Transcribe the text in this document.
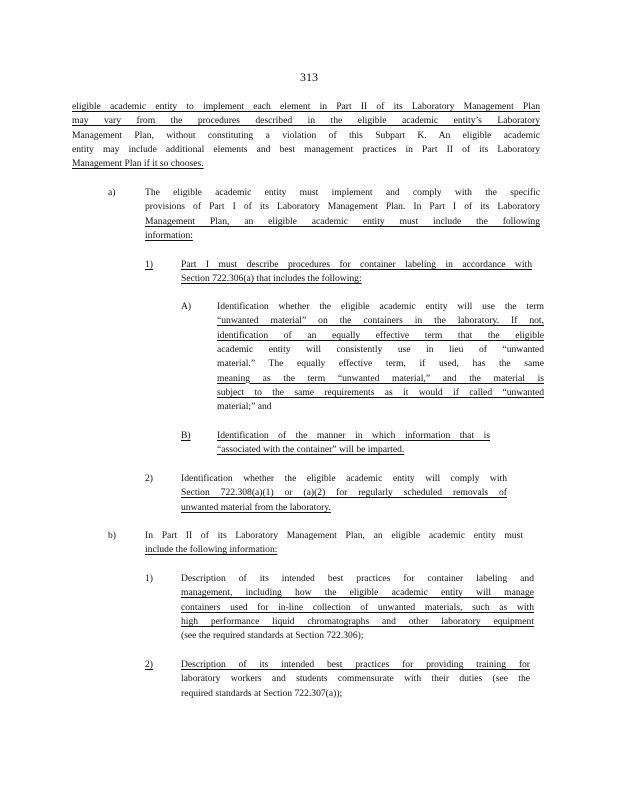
313
eligible academic entity to implement each element in Part II of its Laboratory Management Plan
may vary from the procedures described in the eligible academic entity’s Laboratory
Management Plan, without constituting a violation of this Subpart K. An eligible academic
entity may include additional elements and best management practices in Part II of its Laboratory
Management Plan if it so chooses.
a)	The eligible academic entity must implement and comply with the specific
provisions of Part I of its Laboratory Management Plan. In Part I of its Laboratory
Management Plan, an eligible academic entity must include the following
information:
1)	Part I must describe procedures for container labeling in accordance with
Section 722.306(a) that includes the following:
A)	Identification whether the eligible academic entity will use the term
“unwanted material” on the containers in the laboratory. If not,
identification of an equally effective term that the eligible
academic entity will consistently use in lieu of “unwanted
material.” The equally effective term, if used, has the same
meaning as the term “unwanted material,” and the material is
subject to the same requirements as it would if called “unwanted
material;” and
B)	Identification of the manner in which information that is
“associated with the container” will be imparted.
2)	Identification whether the eligible academic entity will comply with
Section 722.308(a)(1) or (a)(2) for regularly scheduled removals of
unwanted material from the laboratory.
b)	In Part II of its Laboratory Management Plan, an eligible academic entity must
include the following information:
1)	Description of its intended best practices for container labeling and
management, including how the eligible academic entity will manage
containers used for in-line collection of unwanted materials, such as with
high performance liquid chromatographs and other laboratory equipment
(see the required standards at Section 722.306);
2)	Description of its intended best practices for providing training for
laboratory workers and students commensurate with their duties (see the
required standards at Section 722.307(a));
